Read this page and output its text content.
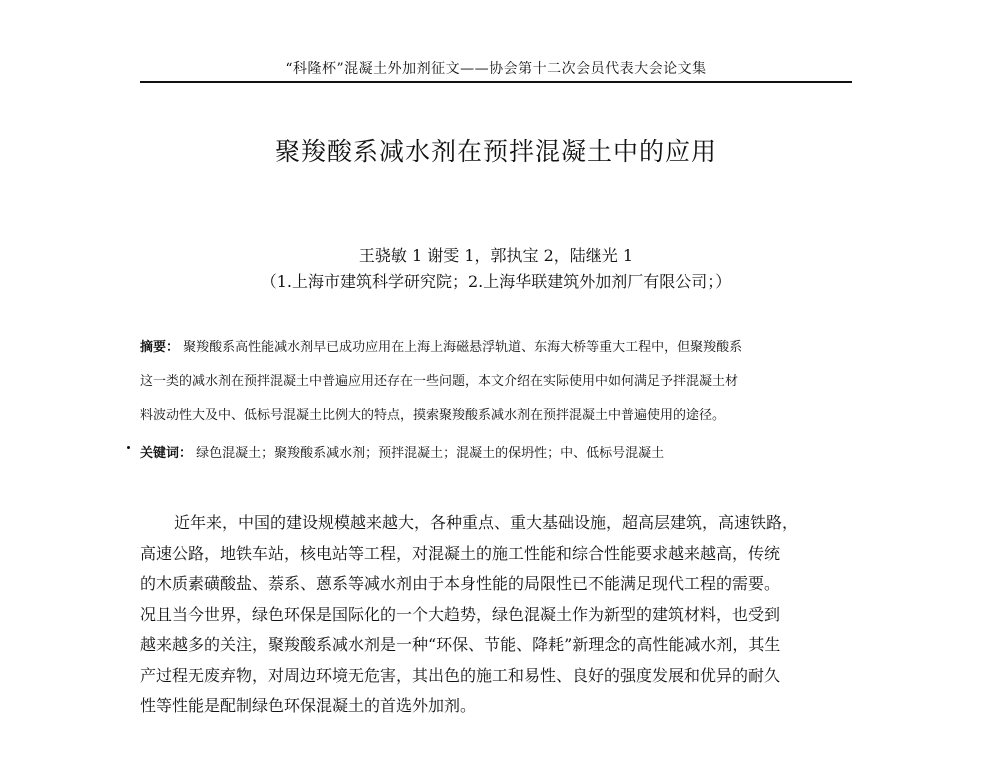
“科隆杯”混凝土外加剂征文——协会第十二次会员代表大会论文集
聚羧酸系减水剂在预拌混凝土中的应用
王骁敏 1 谢雯 1，郭执宝 2，陆继光 1
（1.上海市建筑科学研究院；2.上海华联建筑外加剂厂有限公司；）
摘要： 聚羧酸系高性能减水剂早已成功应用在上海上海磁悬浮轨道、东海大桥等重大工程中，但聚羧酸系
这一类的减水剂在预拌混凝土中普遍应用还存在一些问题，本文介绍在实际使用中如何满足予拌混凝土材
料波动性大及中、低标号混凝土比例大的特点，摸索聚羧酸系减水剂在预拌混凝土中普遍使用的途径。
关键词： 绿色混凝土；聚羧酸系减水剂；预拌混凝土；混凝土的保坍性；中、低标号混凝土
近年来，中国的建设规模越来越大，各种重点、重大基础设施，超高层建筑，高速铁路，
高速公路，地铁车站，核电站等工程，对混凝土的施工性能和综合性能要求越来越高，传统
的木质素磺酸盐、萘系、蒽系等减水剂由于本身性能的局限性已不能满足现代工程的需要。
况且当今世界，绿色环保是国际化的一个大趋势，绿色混凝土作为新型的建筑材料，也受到
越来越多的关注，聚羧酸系减水剂是一种“环保、节能、降耗”新理念的高性能减水剂，其生
产过程无废弃物，对周边环境无危害，其出色的施工和易性、良好的强度发展和优异的耐久
性等性能是配制绿色环保混凝土的首选外加剂。
